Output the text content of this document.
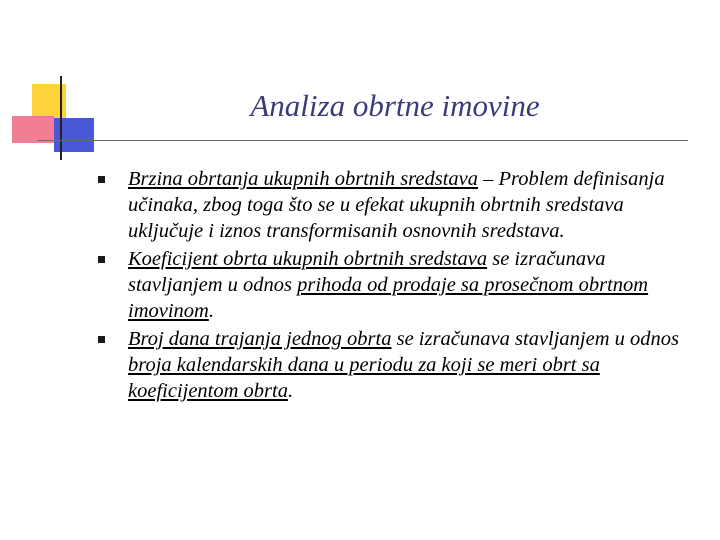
Analiza obrtne imovine
Brzina obrtanja ukupnih obrtnih sredstava – Problem definisanja učinaka, zbog toga što se u efekat ukupnih obrtnih sredstava uključuje i iznos transformisanih osnovnih sredstava.
Koeficijent obrta ukupnih obrtnih sredstava se izračunava stavljanjem u odnos prihoda od prodaje sa prosečnom obrtnom imovinom.
Broj dana trajanja jednog obrta se izračunava stavljanjem u odnos broja kalendarskih dana u periodu za koji se meri obrt sa koeficijentom obrta.
